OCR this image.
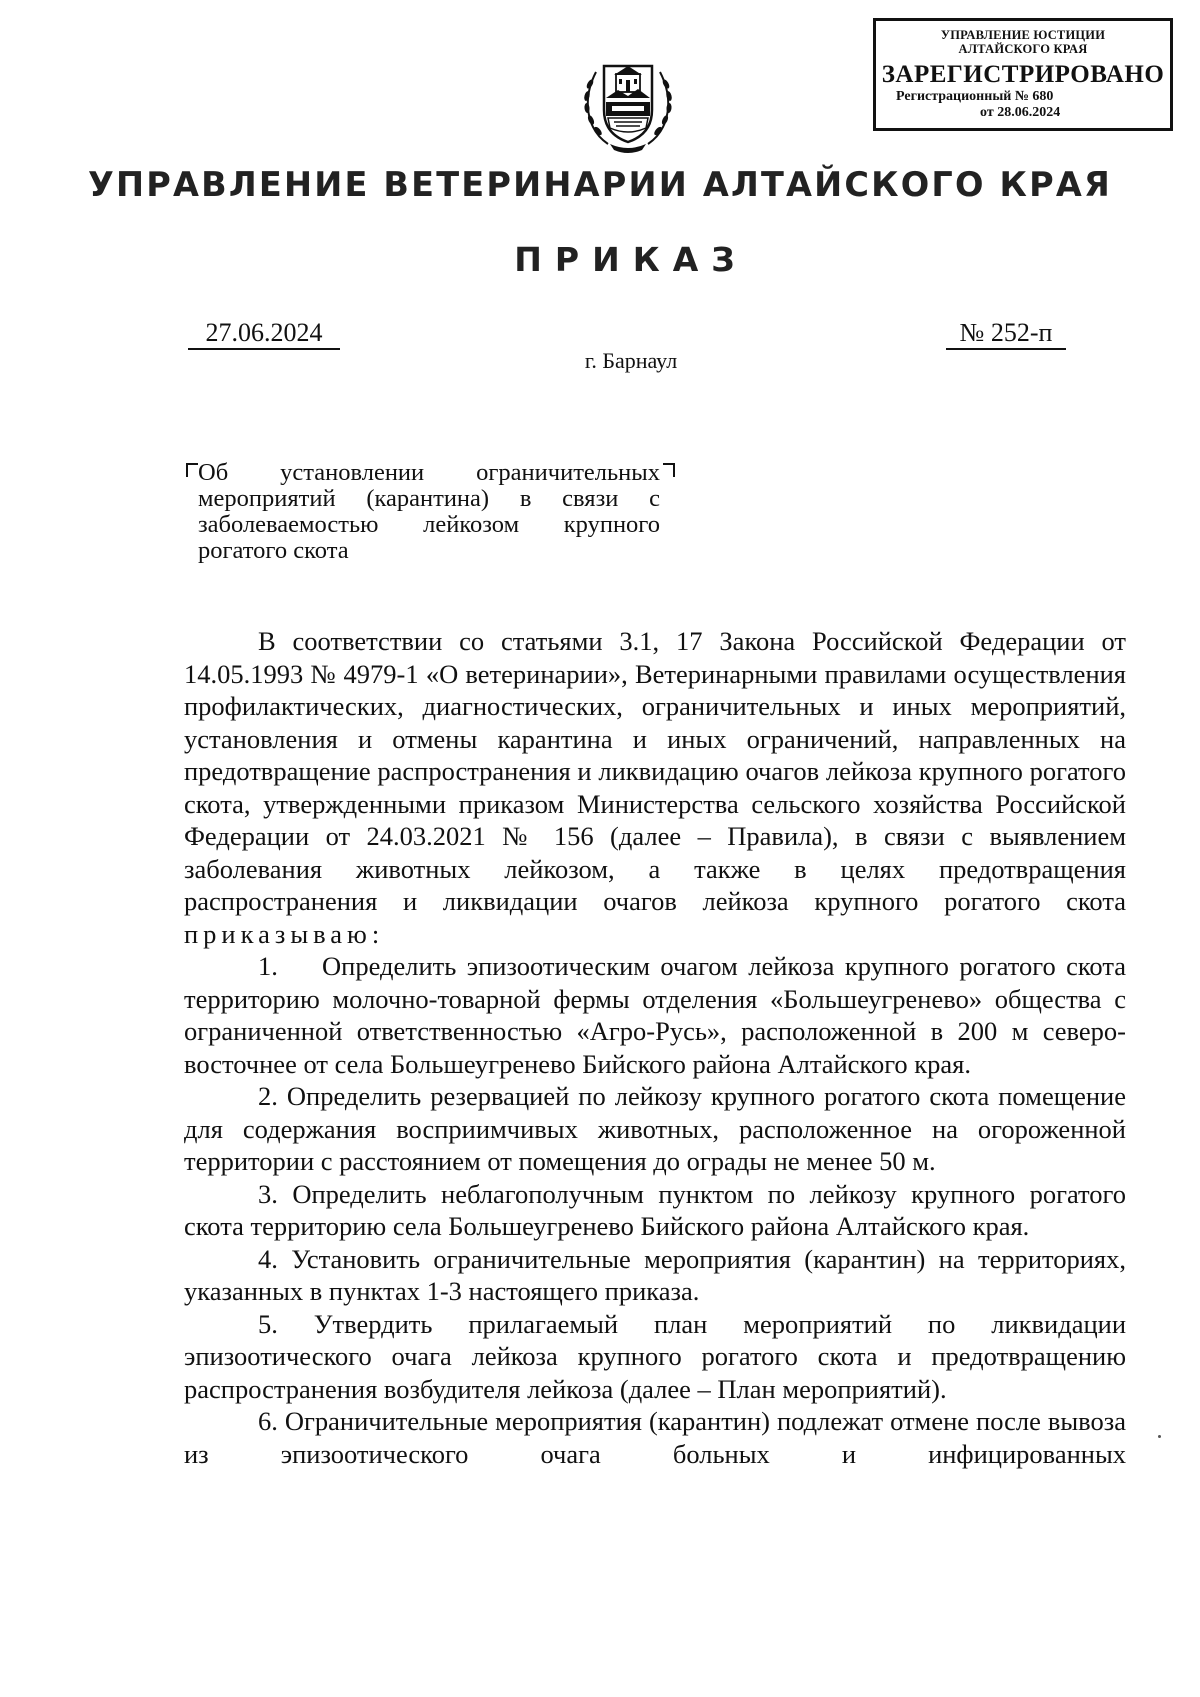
УПРАВЛЕНИЕ ЮСТИЦИИ
АЛТАЙСКОГО КРАЯ
ЗАРЕГИСТРИРОВАНО
Регистрационный № 680
от 28.06.2024
УПРАВЛЕНИЕ ВЕТЕРИНАРИИ АЛТАЙСКОГО КРАЯ
ПРИКАЗ
27.06.2024	№ 252-п
г. Барнаул
Об установлении ограничительных
мероприятий (карантина) в связи с
заболеваемостью лейкозом крупного
рогатого скота

В соответствии со статьями 3.1, 17 Закона Российской Федерации от 14.05.1993 № 4979-1 «О ветеринарии», Ветеринарными правилами осуществления профилактических, диагностических, ограничительных и иных мероприятий, установления и отмены карантина и иных ограничений, направленных на предотвращение распространения и ликвидацию очагов лейкоза крупного рогатого скота, утвержденными приказом Министерства сельского хозяйства Российской Федерации от 24.03.2021 № 156 (далее – Правила), в связи с выявлением заболевания животных лейкозом, а также в целях предотвращения распространения и ликвидации очагов лейкоза крупного рогатого скота приказываю:

1. Определить эпизоотическим очагом лейкоза крупного рогатого скота территорию молочно-товарной фермы отделения «Большеугренево» общества с ограниченной ответственностью «Агро-Русь», расположенной в 200 м северо-восточнее от села Большеугренево Бийского района Алтайского края.

2. Определить резервацией по лейкозу крупного рогатого скота помещение для содержания восприимчивых животных, расположенное на огороженной территории с расстоянием от помещения до ограды не менее 50 м.

3. Определить неблагополучным пунктом по лейкозу крупного рогатого скота территорию села Большеугренево Бийского района Алтайского края.

4. Установить ограничительные мероприятия (карантин) на территориях, указанных в пунктах 1-3 настоящего приказа.

5. Утвердить прилагаемый план мероприятий по ликвидации эпизоотического очага лейкоза крупного рогатого скота и предотвращению распространения возбудителя лейкоза (далее – План мероприятий).

6. Ограничительные мероприятия (карантин) подлежат отмене после вывоза из эпизоотического очага больных и инфицированных
